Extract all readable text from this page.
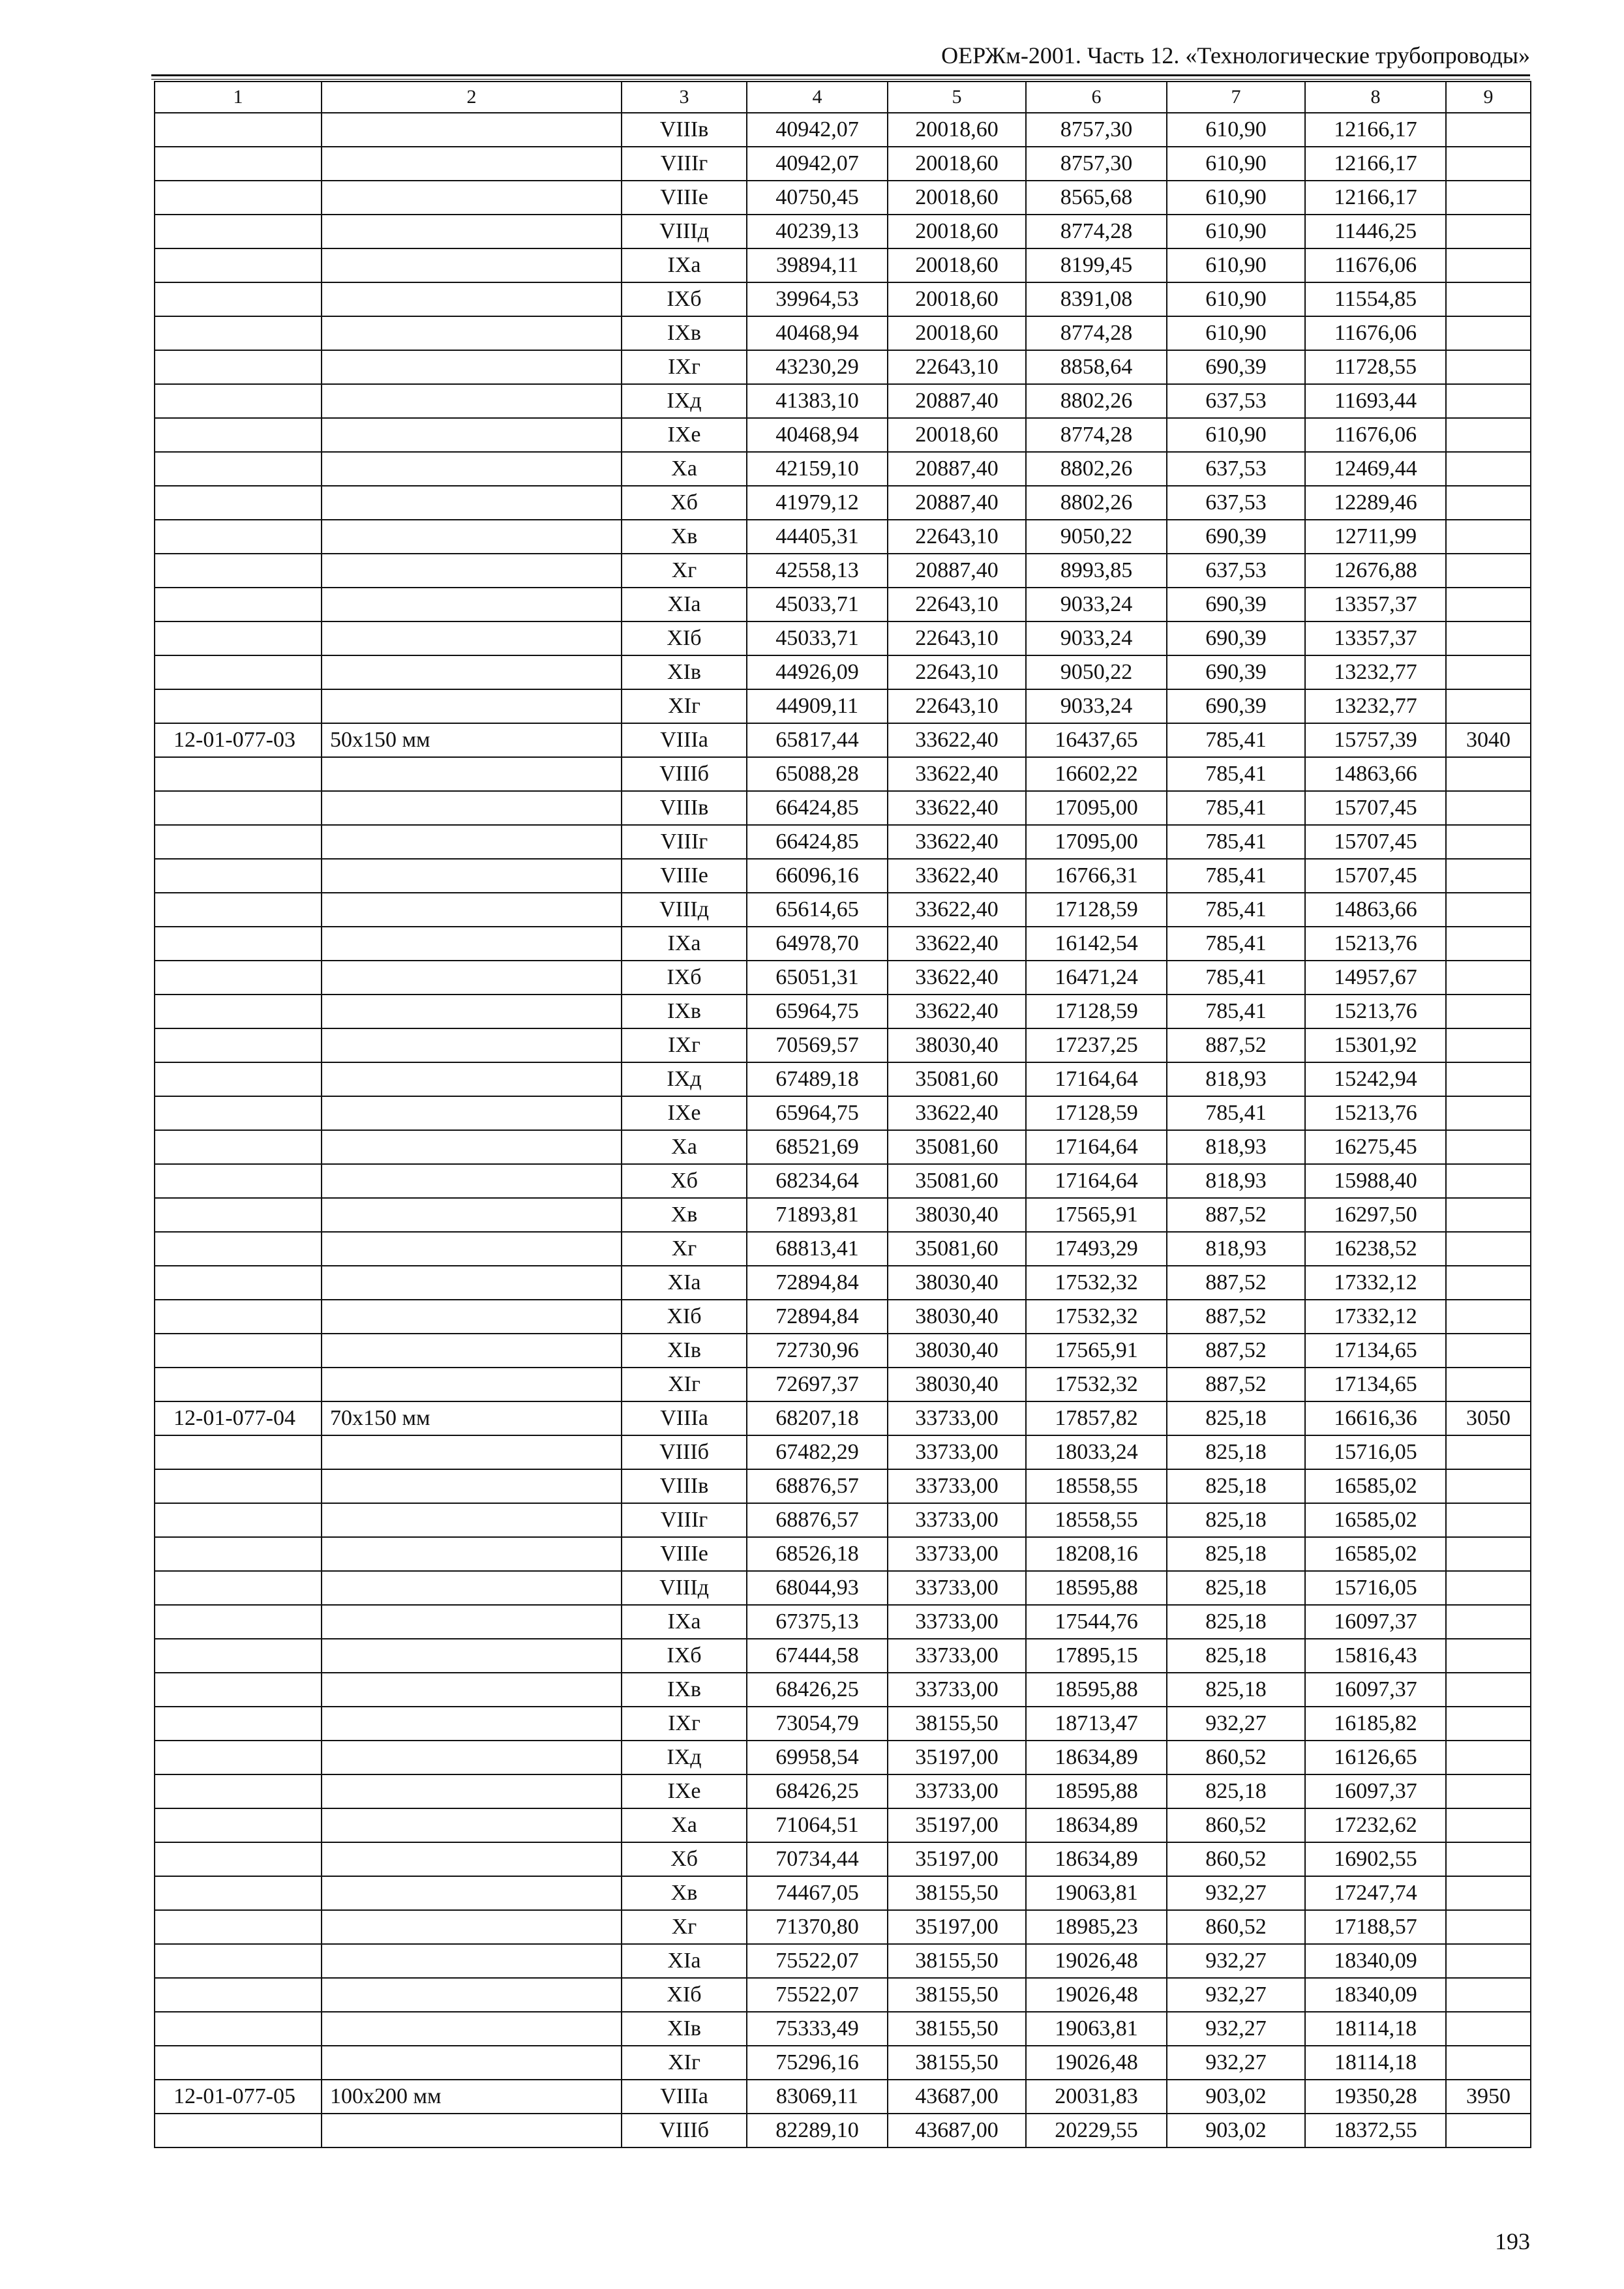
ОЕРЖм-2001. Часть 12. «Технологические трубопроводы»
1	2	3	4	5	6	7	8	9
		VIIIв	40942,07	20018,60	8757,30	610,90	12166,17	
		VIIIг	40942,07	20018,60	8757,30	610,90	12166,17	
		VIIIе	40750,45	20018,60	8565,68	610,90	12166,17	
		VIIIд	40239,13	20018,60	8774,28	610,90	11446,25	
		IXа	39894,11	20018,60	8199,45	610,90	11676,06	
		IXб	39964,53	20018,60	8391,08	610,90	11554,85	
		IXв	40468,94	20018,60	8774,28	610,90	11676,06	
		IXг	43230,29	22643,10	8858,64	690,39	11728,55	
		IXд	41383,10	20887,40	8802,26	637,53	11693,44	
		IXе	40468,94	20018,60	8774,28	610,90	11676,06	
		Xа	42159,10	20887,40	8802,26	637,53	12469,44	
		Xб	41979,12	20887,40	8802,26	637,53	12289,46	
		Xв	44405,31	22643,10	9050,22	690,39	12711,99	
		Xг	42558,13	20887,40	8993,85	637,53	12676,88	
		XIа	45033,71	22643,10	9033,24	690,39	13357,37	
		XIб	45033,71	22643,10	9033,24	690,39	13357,37	
		XIв	44926,09	22643,10	9050,22	690,39	13232,77	
		XIг	44909,11	22643,10	9033,24	690,39	13232,77	
12-01-077-03	50x150 мм	VIIIа	65817,44	33622,40	16437,65	785,41	15757,39	3040
		VIIIб	65088,28	33622,40	16602,22	785,41	14863,66	
		VIIIв	66424,85	33622,40	17095,00	785,41	15707,45	
		VIIIг	66424,85	33622,40	17095,00	785,41	15707,45	
		VIIIе	66096,16	33622,40	16766,31	785,41	15707,45	
		VIIIд	65614,65	33622,40	17128,59	785,41	14863,66	
		IXа	64978,70	33622,40	16142,54	785,41	15213,76	
		IXб	65051,31	33622,40	16471,24	785,41	14957,67	
		IXв	65964,75	33622,40	17128,59	785,41	15213,76	
		IXг	70569,57	38030,40	17237,25	887,52	15301,92	
		IXд	67489,18	35081,60	17164,64	818,93	15242,94	
		IXе	65964,75	33622,40	17128,59	785,41	15213,76	
		Xа	68521,69	35081,60	17164,64	818,93	16275,45	
		Xб	68234,64	35081,60	17164,64	818,93	15988,40	
		Xв	71893,81	38030,40	17565,91	887,52	16297,50	
		Xг	68813,41	35081,60	17493,29	818,93	16238,52	
		XIа	72894,84	38030,40	17532,32	887,52	17332,12	
		XIб	72894,84	38030,40	17532,32	887,52	17332,12	
		XIв	72730,96	38030,40	17565,91	887,52	17134,65	
		XIг	72697,37	38030,40	17532,32	887,52	17134,65	
12-01-077-04	70x150 мм	VIIIа	68207,18	33733,00	17857,82	825,18	16616,36	3050
		VIIIб	67482,29	33733,00	18033,24	825,18	15716,05	
		VIIIв	68876,57	33733,00	18558,55	825,18	16585,02	
		VIIIг	68876,57	33733,00	18558,55	825,18	16585,02	
		VIIIе	68526,18	33733,00	18208,16	825,18	16585,02	
		VIIIд	68044,93	33733,00	18595,88	825,18	15716,05	
		IXа	67375,13	33733,00	17544,76	825,18	16097,37	
		IXб	67444,58	33733,00	17895,15	825,18	15816,43	
		IXв	68426,25	33733,00	18595,88	825,18	16097,37	
		IXг	73054,79	38155,50	18713,47	932,27	16185,82	
		IXд	69958,54	35197,00	18634,89	860,52	16126,65	
		IXе	68426,25	33733,00	18595,88	825,18	16097,37	
		Xа	71064,51	35197,00	18634,89	860,52	17232,62	
		Xб	70734,44	35197,00	18634,89	860,52	16902,55	
		Xв	74467,05	38155,50	19063,81	932,27	17247,74	
		Xг	71370,80	35197,00	18985,23	860,52	17188,57	
		XIа	75522,07	38155,50	19026,48	932,27	18340,09	
		XIб	75522,07	38155,50	19026,48	932,27	18340,09	
		XIв	75333,49	38155,50	19063,81	932,27	18114,18	
		XIг	75296,16	38155,50	19026,48	932,27	18114,18	
12-01-077-05	100x200 мм	VIIIа	83069,11	43687,00	20031,83	903,02	19350,28	3950
		VIIIб	82289,10	43687,00	20229,55	903,02	18372,55	
193
